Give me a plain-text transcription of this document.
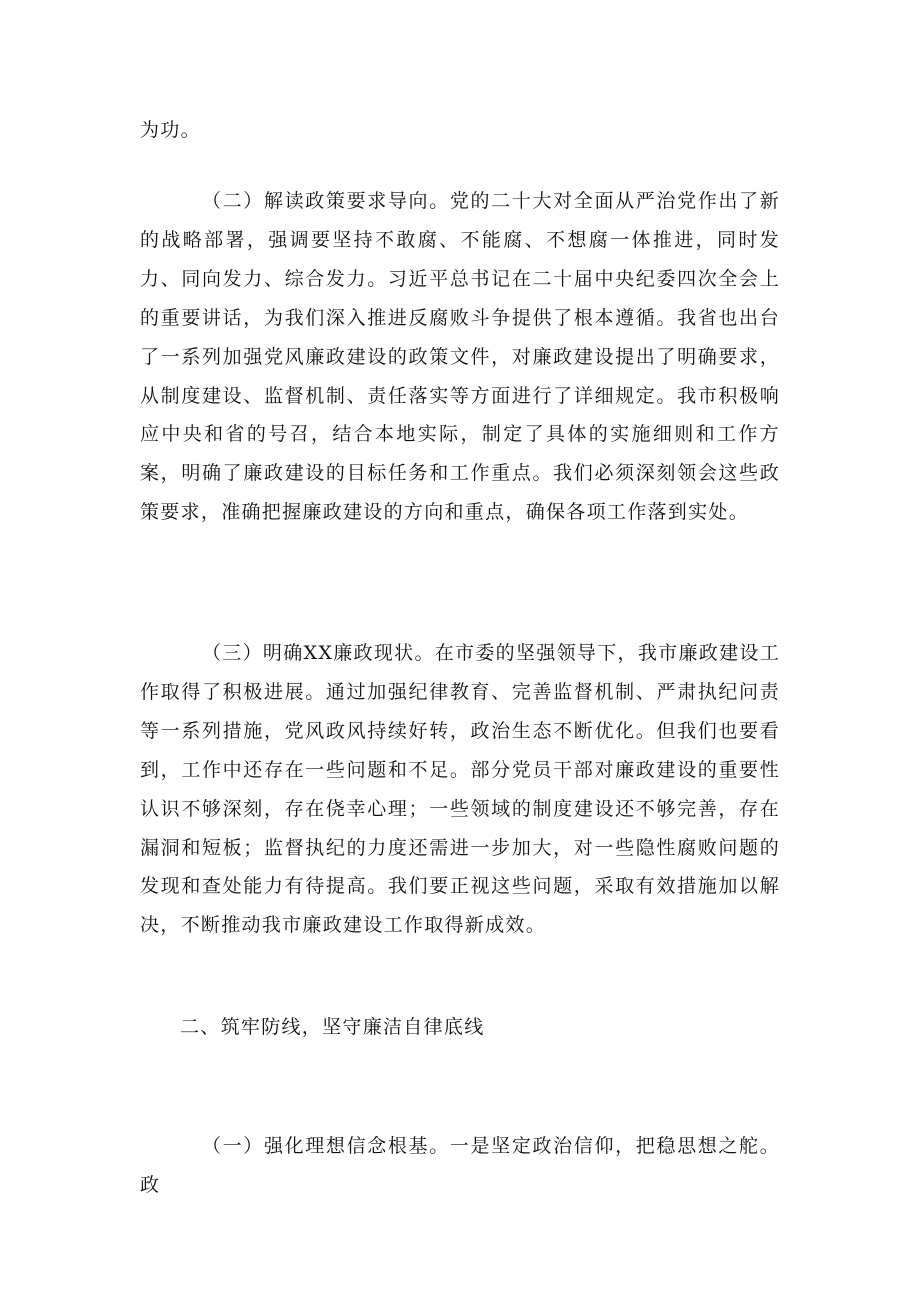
为功。

（二）解读政策要求导向。党的二十大对全面从严治党作出了新的战略部署，强调要坚持不敢腐、不能腐、不想腐一体推进，同时发力、同向发力、综合发力。习近平总书记在二十届中央纪委四次全会上的重要讲话，为我们深入推进反腐败斗争提供了根本遵循。我省也出台了一系列加强党风廉政建设的政策文件，对廉政建设提出了明确要求，从制度建设、监督机制、责任落实等方面进行了详细规定。我市积极响应中央和省的号召，结合本地实际，制定了具体的实施细则和工作方案，明确了廉政建设的目标任务和工作重点。我们必须深刻领会这些政策要求，准确把握廉政建设的方向和重点，确保各项工作落到实处。

（三）明确XX廉政现状。在市委的坚强领导下，我市廉政建设工作取得了积极进展。通过加强纪律教育、完善监督机制、严肃执纪问责等一系列措施，党风政风持续好转，政治生态不断优化。但我们也要看到，工作中还存在一些问题和不足。部分党员干部对廉政建设的重要性认识不够深刻，存在侥幸心理；一些领域的制度建设还不够完善，存在漏洞和短板；监督执纪的力度还需进一步加大，对一些隐性腐败问题的发现和查处能力有待提高。我们要正视这些问题，采取有效措施加以解决，不断推动我市廉政建设工作取得新成效。

二、筑牢防线，坚守廉洁自律底线

（一）强化理想信念根基。一是坚定政治信仰，把稳思想之舵。政
